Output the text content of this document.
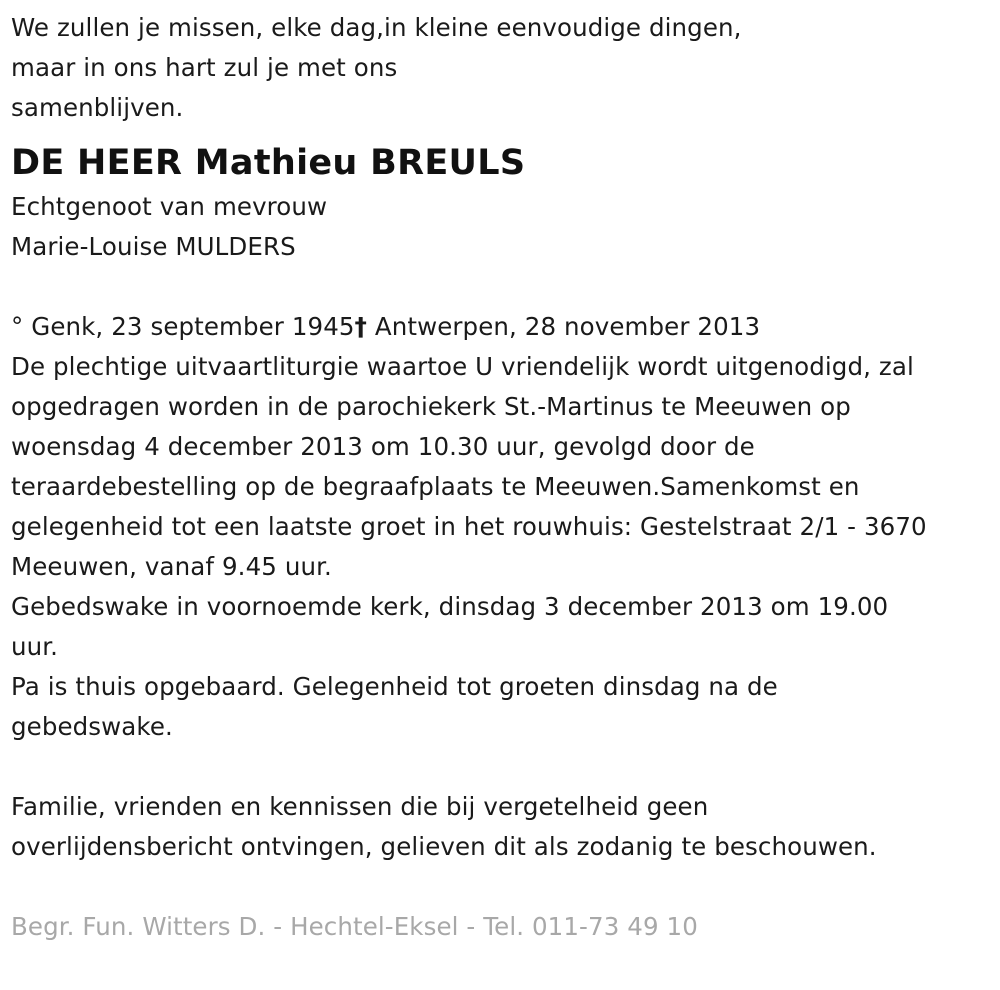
We zullen je missen, elke dag,in kleine eenvoudige dingen,
maar in ons hart zul je met ons
samenblijven.
DE HEER Mathieu BREULS
Echtgenoot van mevrouw
Marie-Louise MULDERS
° Genk, 23 september 1945† Antwerpen, 28 november 2013
De plechtige uitvaartliturgie waartoe U vriendelijk wordt uitgenodigd, zal
opgedragen worden in de parochiekerk St.-Martinus te Meeuwen op
woensdag 4 december 2013 om 10.30 uur, gevolgd door de
teraardebestelling op de begraafplaats te Meeuwen.Samenkomst en
gelegenheid tot een laatste groet in het rouwhuis: Gestelstraat 2/1 - 3670
Meeuwen, vanaf 9.45 uur.
Gebedswake in voornoemde kerk, dinsdag 3 december 2013 om 19.00
uur.
Pa is thuis opgebaard. Gelegenheid tot groeten dinsdag na de
gebedswake.
Familie, vrienden en kennissen die bij vergetelheid geen
overlijdensbericht ontvingen, gelieven dit als zodanig te beschouwen.
Begr. Fun. Witters D. - Hechtel-Eksel - Tel. 011-73 49 10
